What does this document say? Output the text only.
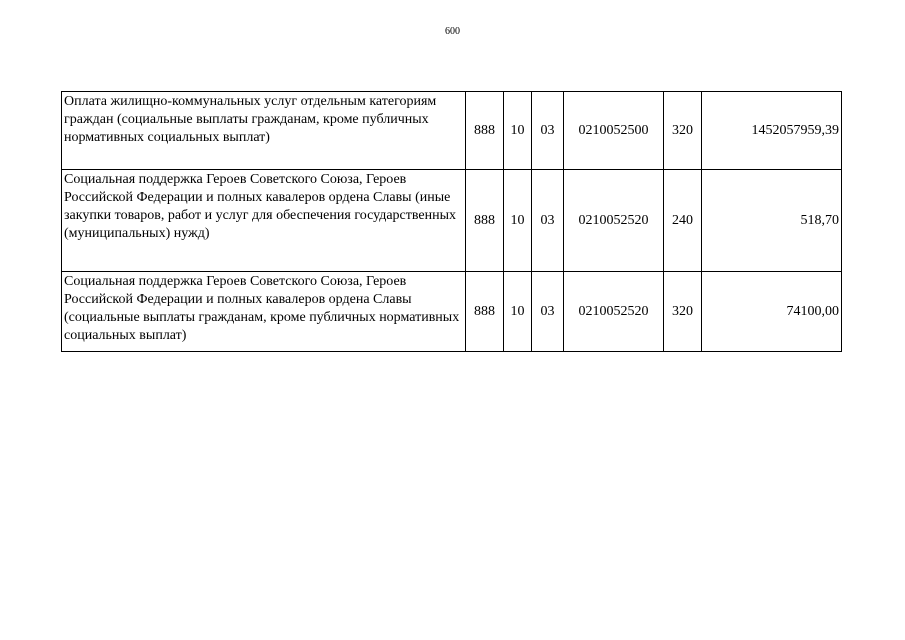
600
Оплата жилищно-коммунальных услуг отдельным категориям граждан (социальные выплаты гражданам, кроме публичных нормативных социальных выплат)	888	10	03	0210052500	320	1452057959,39
Социальная поддержка Героев Советского Союза, Героев Российской Федерации и полных кавалеров ордена Славы (иные закупки товаров, работ и услуг для обеспечения государственных (муниципальных) нужд)	888	10	03	0210052520	240	518,70
Социальная поддержка Героев Советского Союза, Героев Российской Федерации и полных кавалеров ордена Славы (социальные выплаты гражданам, кроме публичных нормативных социальных выплат)	888	10	03	0210052520	320	74100,00
